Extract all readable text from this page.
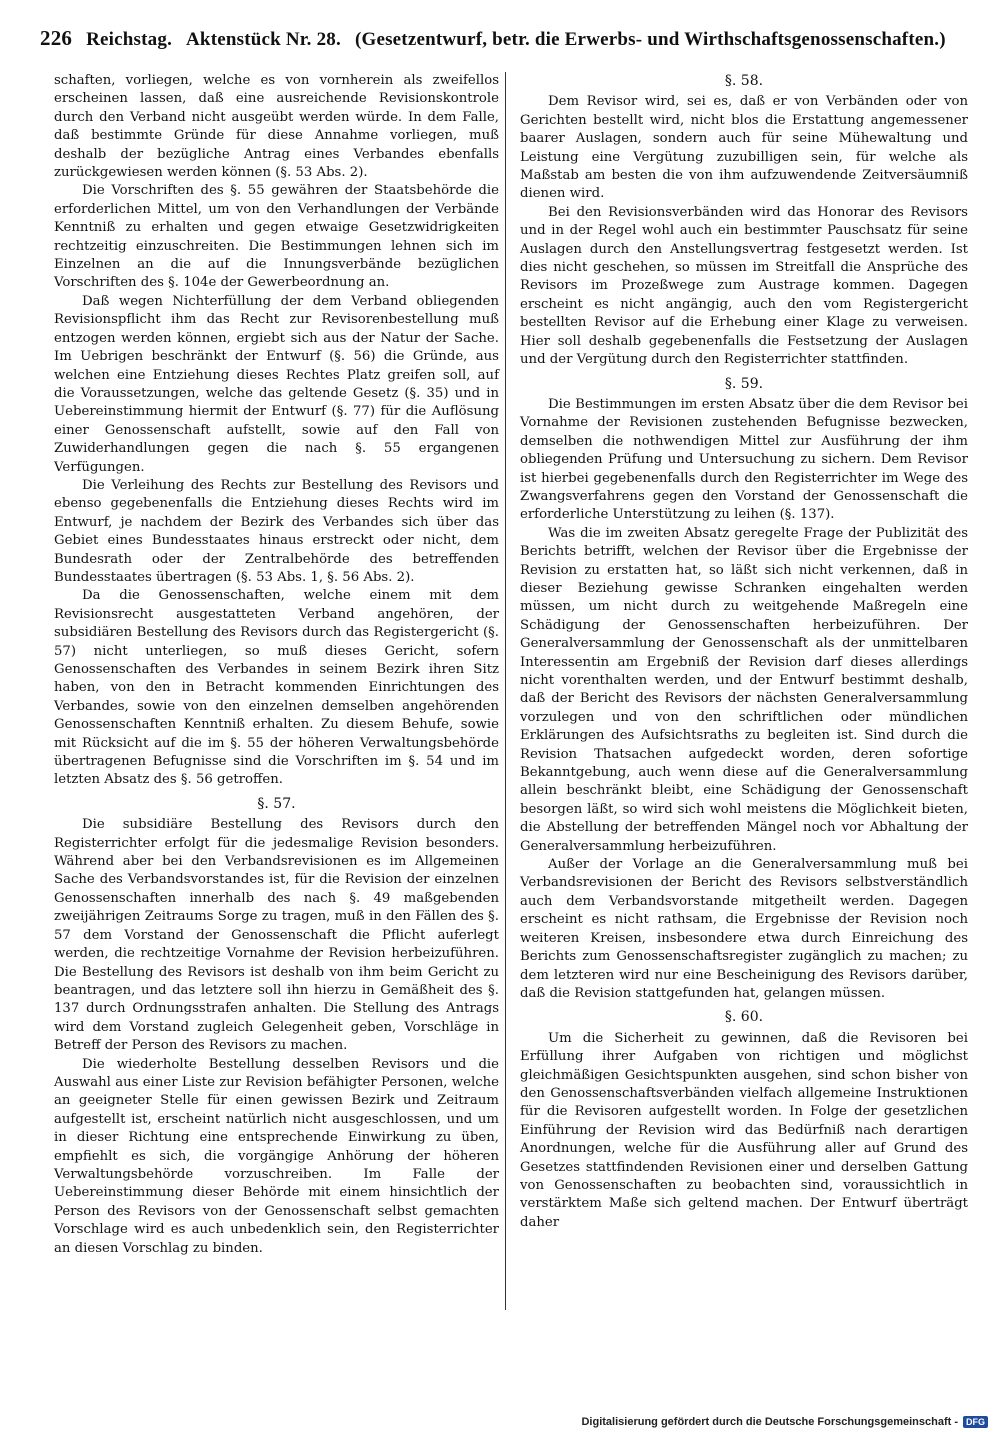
226 Reichstag. Aktenstück Nr. 28. (Gesetzentwurf, betr. die Erwerbs- und Wirthschaftsgenossenschaften.)

schaften, vorliegen, welche es von vornherein als zweifellos erscheinen lassen, daß eine ausreichende Revisionskontrole durch den Verband nicht ausgeübt werden würde. In dem Falle, daß bestimmte Gründe für diese Annahme vorliegen, muß deshalb der bezügliche Antrag eines Verbandes ebenfalls zurückgewiesen werden können (§. 53 Abs. 2).

Die Vorschriften des §. 55 gewähren der Staatsbehörde die erforderlichen Mittel, um von den Verhandlungen der Verbände Kenntniß zu erhalten und gegen etwaige Gesetzwidrigkeiten rechtzeitig einzuschreiten. Die Bestimmungen lehnen sich im Einzelnen an die auf die Innungsverbände bezüglichen Vorschriften des §. 104e der Gewerbeordnung an.

Daß wegen Nichterfüllung der dem Verband obliegenden Revisionspflicht ihm das Recht zur Revisorenbestellung muß entzogen werden können, ergiebt sich aus der Natur der Sache. Im Uebrigen beschränkt der Entwurf (§. 56) die Gründe, aus welchen eine Entziehung dieses Rechtes Platz greifen soll, auf die Voraussetzungen, welche das geltende Gesetz (§. 35) und in Uebereinstimmung hiermit der Entwurf (§. 77) für die Auflösung einer Genossenschaft aufstellt, sowie auf den Fall von Zuwiderhandlungen gegen die nach §. 55 ergangenen Verfügungen.

Die Verleihung des Rechts zur Bestellung des Revisors und ebenso gegebenenfalls die Entziehung dieses Rechts wird im Entwurf, je nachdem der Bezirk des Verbandes sich über das Gebiet eines Bundesstaates hinaus erstreckt oder nicht, dem Bundesrath oder der Zentralbehörde des betreffenden Bundesstaates übertragen (§. 53 Abs. 1, §. 56 Abs. 2).

Da die Genossenschaften, welche einem mit dem Revisionsrecht ausgestatteten Verband angehören, der subsidiären Bestellung des Revisors durch das Registergericht (§. 57) nicht unterliegen, so muß dieses Gericht, sofern Genossenschaften des Verbandes in seinem Bezirk ihren Sitz haben, von den in Betracht kommenden Einrichtungen des Verbandes, sowie von den einzelnen demselben angehörenden Genossenschaften Kenntniß erhalten. Zu diesem Behufe, sowie mit Rücksicht auf die im §. 55 der höheren Verwaltungsbehörde übertragenen Befugnisse sind die Vorschriften im §. 54 und im letzten Absatz des §. 56 getroffen.

§. 57.

Die subsidiäre Bestellung des Revisors durch den Registerrichter erfolgt für die jedesmalige Revision besonders. Während aber bei den Verbandsrevisionen es im Allgemeinen Sache des Verbandsvorstandes ist, für die Revision der einzelnen Genossenschaften innerhalb des nach §. 49 maßgebenden zweijährigen Zeitraums Sorge zu tragen, muß in den Fällen des §. 57 dem Vorstand der Genossenschaft die Pflicht auferlegt werden, die rechtzeitige Vornahme der Revision herbeizuführen. Die Bestellung des Revisors ist deshalb von ihm beim Gericht zu beantragen, und das letztere soll ihn hierzu in Gemäßheit des §. 137 durch Ordnungsstrafen anhalten. Die Stellung des Antrags wird dem Vorstand zugleich Gelegenheit geben, Vorschläge in Betreff der Person des Revisors zu machen.

Die wiederholte Bestellung desselben Revisors und die Auswahl aus einer Liste zur Revision befähigter Personen, welche an geeigneter Stelle für einen gewissen Bezirk und Zeitraum aufgestellt ist, erscheint natürlich nicht ausgeschlossen, und um in dieser Richtung eine entsprechende Einwirkung zu üben, empfiehlt es sich, die vorgängige Anhörung der höheren Verwaltungsbehörde vorzuschreiben. Im Falle der Uebereinstimmung dieser Behörde mit einem hinsichtlich der Person des Revisors von der Genossenschaft selbst gemachten Vorschlage wird es auch unbedenklich sein, den Registerrichter an diesen Vorschlag zu binden.

§. 58.

Dem Revisor wird, sei es, daß er von Verbänden oder von Gerichten bestellt wird, nicht blos die Erstattung angemessener baarer Auslagen, sondern auch für seine Mühewaltung und Leistung eine Vergütung zuzubilligen sein, für welche als Maßstab am besten die von ihm aufzuwendende Zeitversäumniß dienen wird.

Bei den Revisionsverbänden wird das Honorar des Revisors und in der Regel wohl auch ein bestimmter Pauschsatz für seine Auslagen durch den Anstellungsvertrag festgesetzt werden. Ist dies nicht geschehen, so müssen im Streitfall die Ansprüche des Revisors im Prozeßwege zum Austrage kommen. Dagegen erscheint es nicht angängig, auch den vom Registergericht bestellten Revisor auf die Erhebung einer Klage zu verweisen. Hier soll deshalb gegebenenfalls die Festsetzung der Auslagen und der Vergütung durch den Registerrichter stattfinden.

§. 59.

Die Bestimmungen im ersten Absatz über die dem Revisor bei Vornahme der Revisionen zustehenden Befugnisse bezwecken, demselben die nothwendigen Mittel zur Ausführung der ihm obliegenden Prüfung und Untersuchung zu sichern. Dem Revisor ist hierbei gegebenenfalls durch den Registerrichter im Wege des Zwangsverfahrens gegen den Vorstand der Genossenschaft die erforderliche Unterstützung zu leihen (§. 137).

Was die im zweiten Absatz geregelte Frage der Publizität des Berichts betrifft, welchen der Revisor über die Ergebnisse der Revision zu erstatten hat, so läßt sich nicht verkennen, daß in dieser Beziehung gewisse Schranken eingehalten werden müssen, um nicht durch zu weitgehende Maßregeln eine Schädigung der Genossenschaften herbeizuführen. Der Generalversammlung der Genossenschaft als der unmittelbaren Interessentin am Ergebniß der Revision darf dieses allerdings nicht vorenthalten werden, und der Entwurf bestimmt deshalb, daß der Bericht des Revisors der nächsten Generalversammlung vorzulegen und von den schriftlichen oder mündlichen Erklärungen des Aufsichtsraths zu begleiten ist. Sind durch die Revision Thatsachen aufgedeckt worden, deren sofortige Bekanntgebung, auch wenn diese auf die Generalversammlung allein beschränkt bleibt, eine Schädigung der Genossenschaft besorgen läßt, so wird sich wohl meistens die Möglichkeit bieten, die Abstellung der betreffenden Mängel noch vor Abhaltung der Generalversammlung herbeizuführen.

Außer der Vorlage an die Generalversammlung muß bei Verbandsrevisionen der Bericht des Revisors selbstverständlich auch dem Verbandsvorstande mitgetheilt werden. Dagegen erscheint es nicht rathsam, die Ergebnisse der Revision noch weiteren Kreisen, insbesondere etwa durch Einreichung des Berichts zum Genossenschaftsregister zugänglich zu machen; zu dem letzteren wird nur eine Bescheinigung des Revisors darüber, daß die Revision stattgefunden hat, gelangen müssen.

§. 60.

Um die Sicherheit zu gewinnen, daß die Revisoren bei Erfüllung ihrer Aufgaben von richtigen und möglichst gleichmäßigen Gesichtspunkten ausgehen, sind schon bisher von den Genossenschaftsverbänden vielfach allgemeine Instruktionen für die Revisoren aufgestellt worden. In Folge der gesetzlichen Einführung der Revision wird das Bedürfniß nach derartigen Anordnungen, welche für die Ausführung aller auf Grund des Gesetzes stattfindenden Revisionen einer und derselben Gattung von Genossenschaften zu beobachten sind, voraussichtlich in verstärktem Maße sich geltend machen. Der Entwurf überträgt daher

Digitalisierung gefördert durch die Deutsche Forschungsgemeinschaft - DFG
